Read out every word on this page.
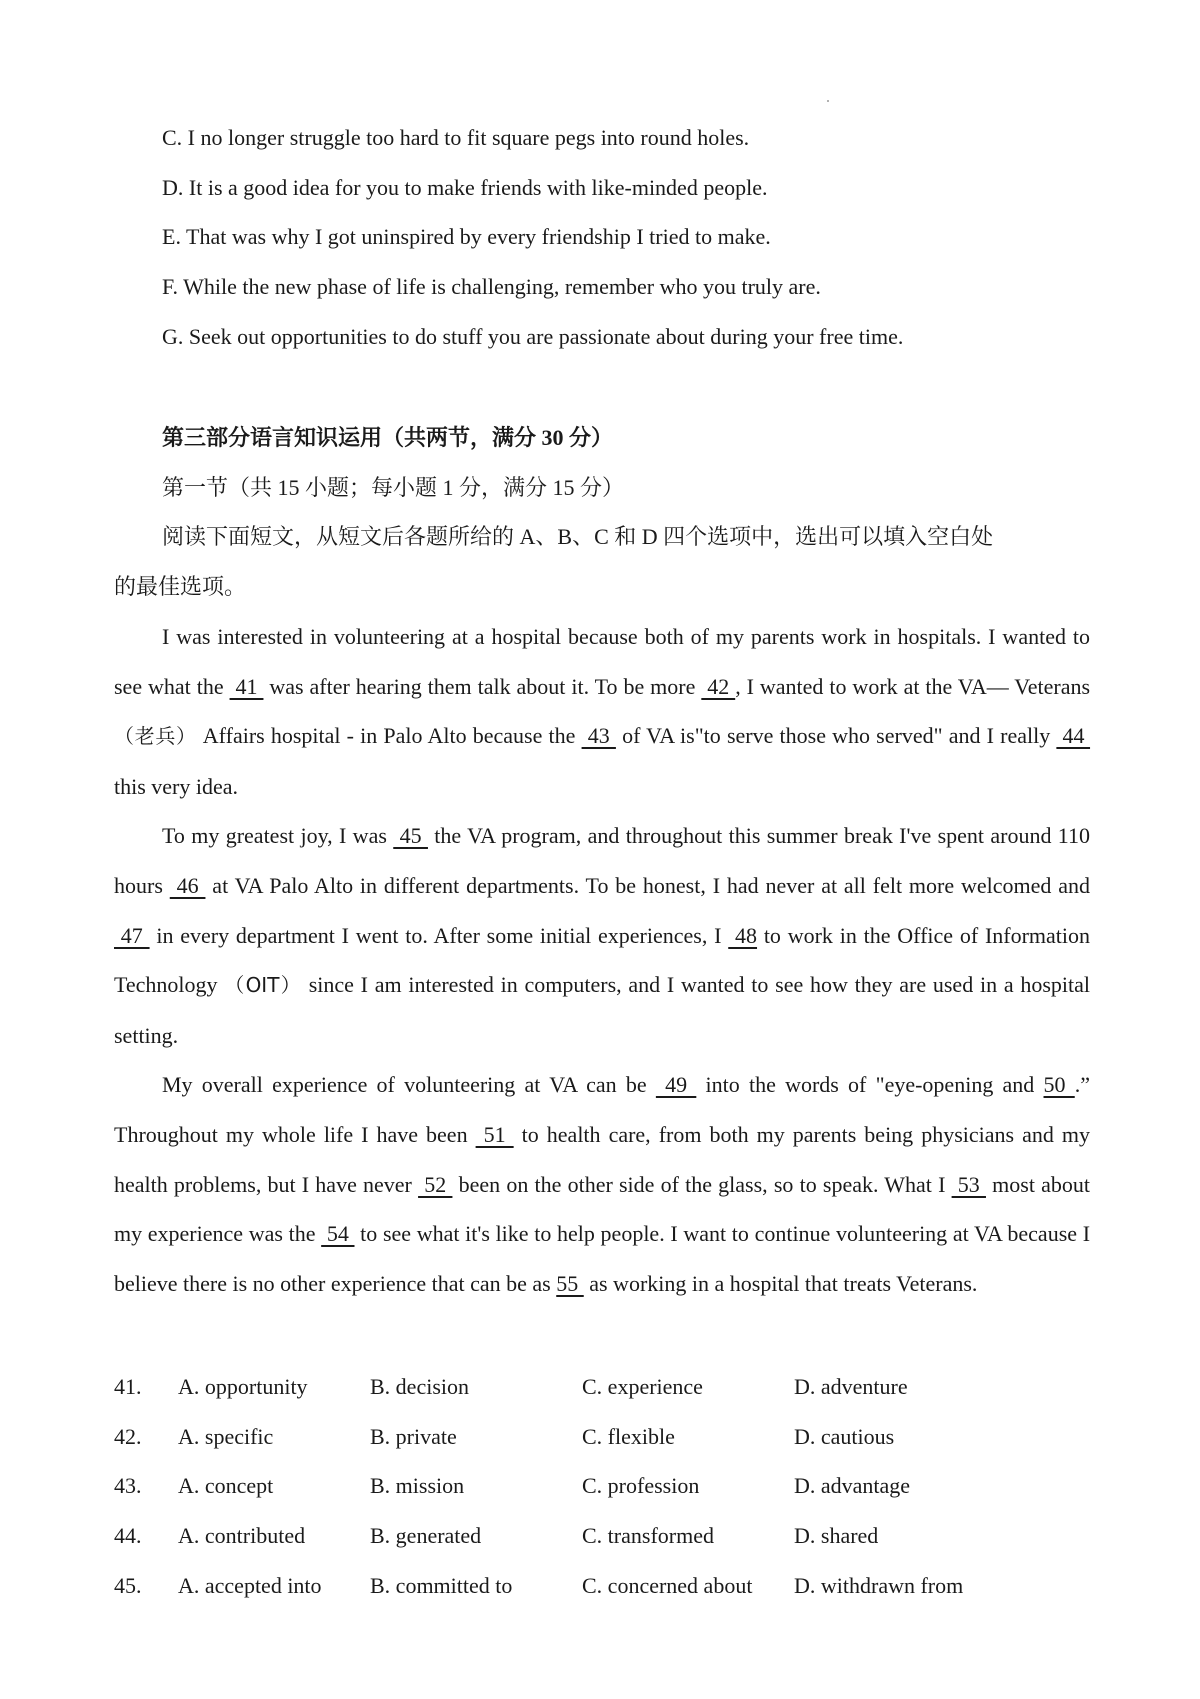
C. I no longer struggle too hard to fit square pegs into round holes.
D. It is a good idea for you to make friends with like-minded people.
E. That was why I got uninspired by every friendship I tried to make.
F. While the new phase of life is challenging, remember who you truly are.
G. Seek out opportunities to do stuff you are passionate about during your free time.
第三部分语言知识运用（共两节，满分 30 分）
第一节（共 15 小题；每小题 1 分，满分 15 分）
阅读下面短文，从短文后各题所给的 A、B、C 和 D 四个选项中，选出可以填入空白处
的最佳选项。

I was interested in volunteering at a hospital because both of my parents work in hospitals. I wanted to see what the  41  was after hearing them talk about it. To be more  42 , I wanted to work at the VA— Veterans（老兵） Affairs hospital - in Palo Alto because the  43  of VA is"to serve those who served" and I really  44  this very idea.

To my greatest joy, I was  45  the VA program, and throughout this summer break I've spent around 110 hours  46  at VA Palo Alto in different departments. To be honest, I had never at all felt more welcomed and  47  in every department I went to. After some initial experiences, I  48 to work in the Office of Information Technology （OIT） since I am interested in computers, and I wanted to see how they are used in a hospital setting.

My overall experience of volunteering at VA can be  49  into the words of "eye-opening and 50 .” Throughout my whole life I have been  51  to health care, from both my parents being physicians and my health problems, but I have never  52  been on the other side of the glass, so to speak. What I  53  most about my experience was the  54  to see what it's like to help people. I want to continue volunteering at VA because I believe there is no other experience that can be as 55  as working in a hospital that treats Veterans.

41. A. opportunity	B. decision	C. experience	D. adventure
42. A. specific	B. private	C. flexible	D. cautious
43. A. concept	B. mission	C. profession	D. advantage
44. A. contributed	B. generated	C. transformed	D. shared
45. A. accepted into B. committed to	C. concerned about D. withdrawn from
